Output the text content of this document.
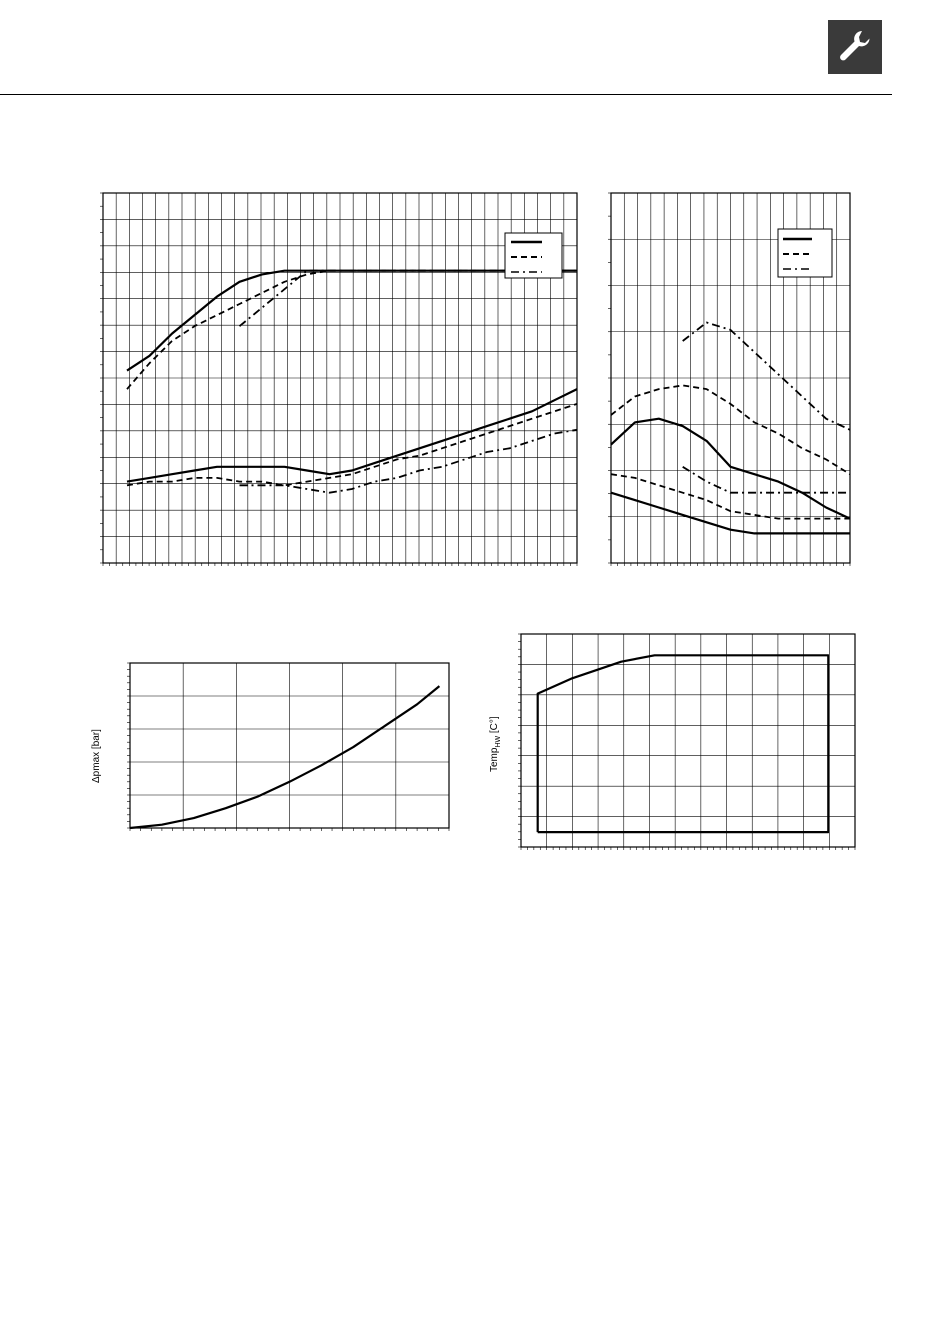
Δpmax [bar]	Temp$_{HW}$ [C°]
